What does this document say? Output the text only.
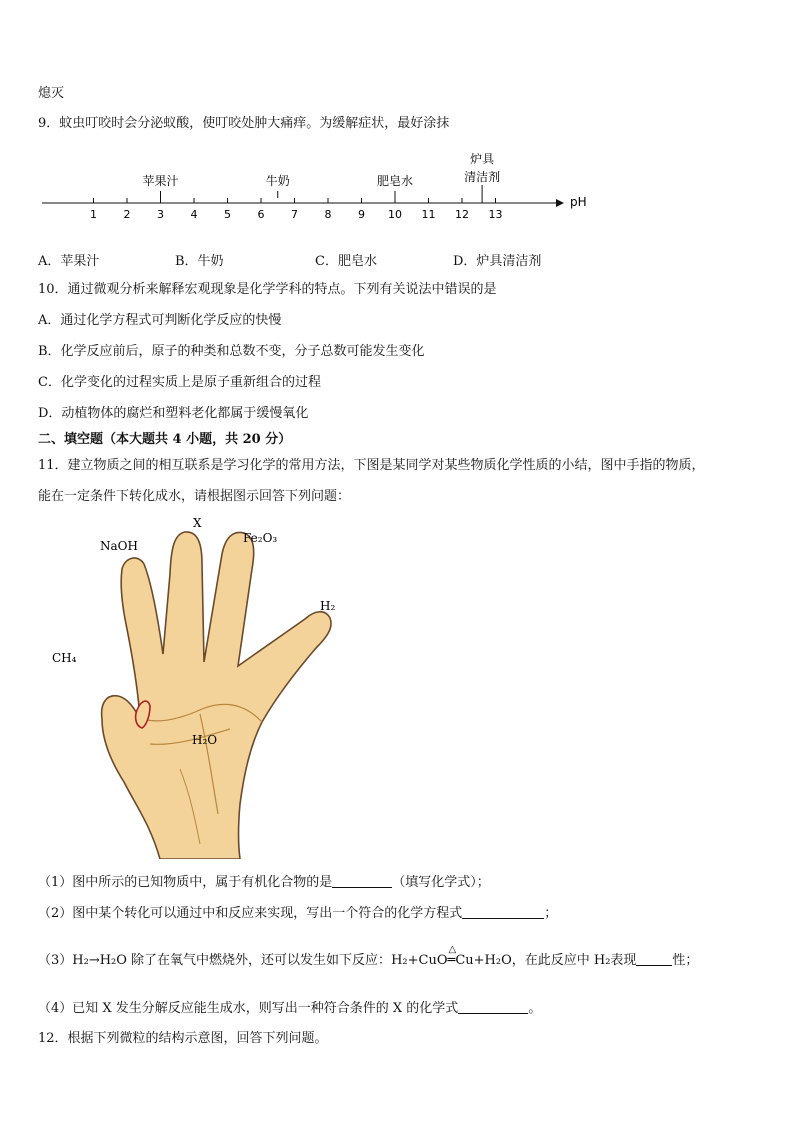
熄灭
9．蚊虫叮咬时会分泌蚁酸，使叮咬处肿大痛痒。为缓解症状，最好涂抹
pH
1 2 3 4 5 6 7 8 9 10 11 12 13
苹果汁	牛奶	肥皂水
炉具
清洁剂
A．苹果汁	B．牛奶	C．肥皂水	D．炉具清洁剂
10．通过微观分析来解释宏观现象是化学学科的特点。下列有关说法中错误的是
A．通过化学方程式可判断化学反应的快慢
B．化学反应前后，原子的种类和总数不变，分子总数可能发生变化
C．化学变化的过程实质上是原子重新组合的过程
D．动植物体的腐烂和塑料老化都属于缓慢氧化
二、填空题（本大题共 4 小题，共 20 分）
11．建立物质之间的相互联系是学习化学的常用方法，下图是某同学对某些物质化学性质的小结，图中手指的物质，
能在一定条件下转化成水，请根据图示回答下列问题：
NaOH
X
Fe₂O₃
H₂
CH₄
H₂O
（1）图中所示的已知物质中，属于有机化合物的是	（填写化学式）；
（2）图中某个转化可以通过中和反应来实现，写出一个符合的化学方程式	；
（3）H₂→H₂O 除了在氧气中燃烧外，还可以发生如下反应：H₂+CuO
△
═Cu+H₂O，在此反应中 H₂表现	性；
（4）已知 X 发生分解反应能生成水，则写出一种符合条件的 X 的化学式	。
12．根据下列微粒的结构示意图，回答下列问题。
